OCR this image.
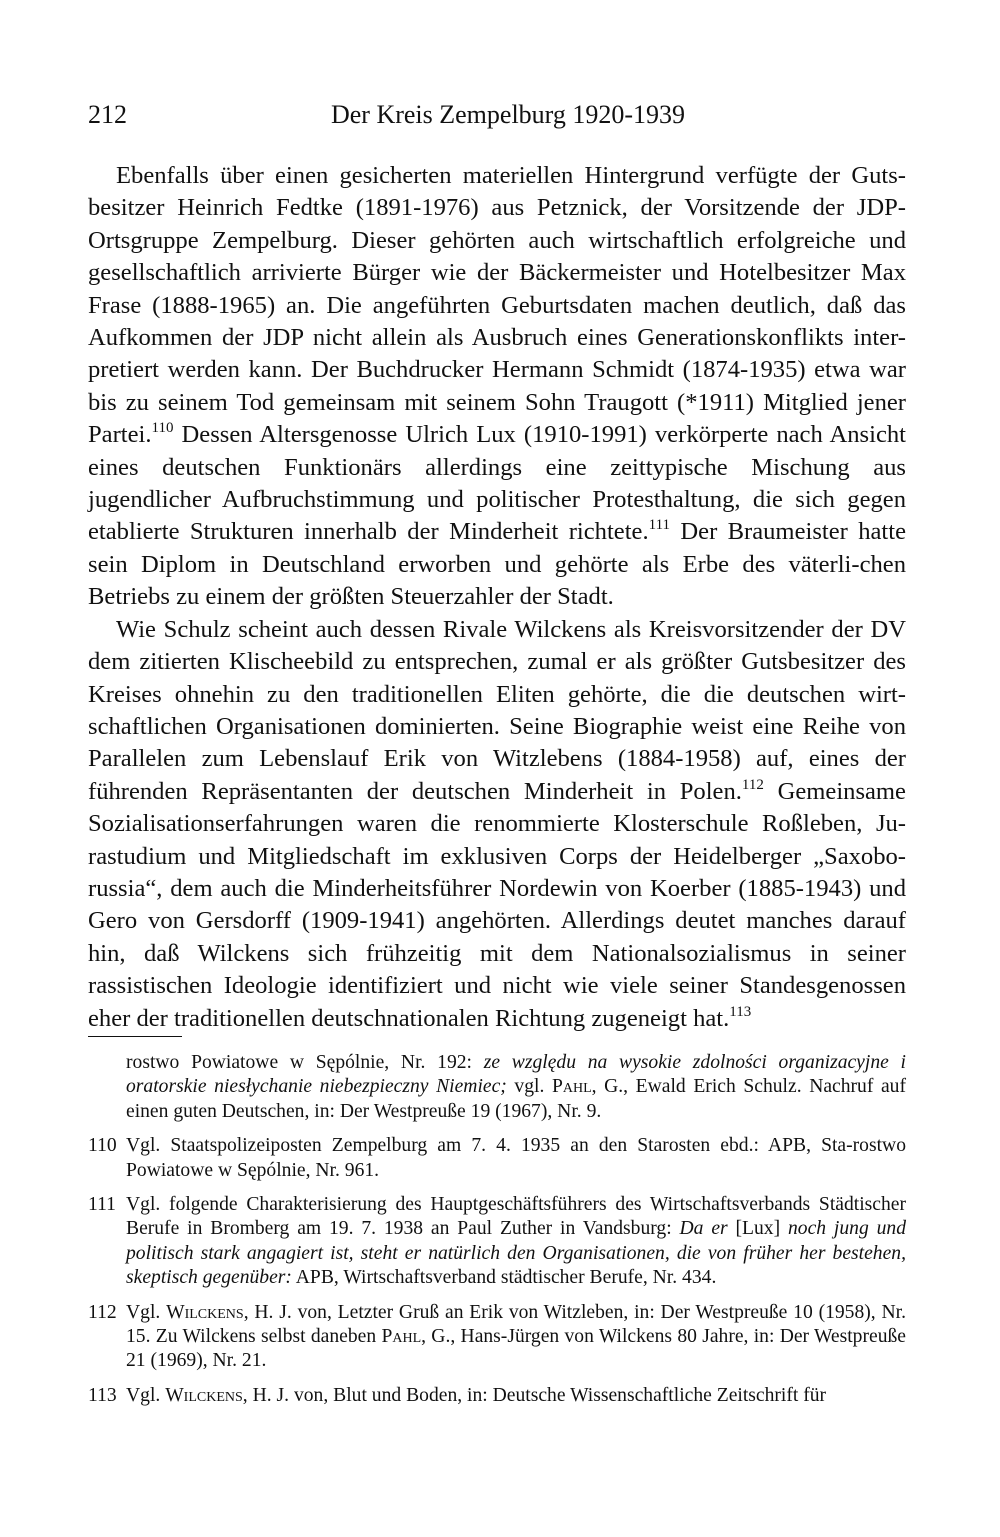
212	Der Kreis Zempelburg 1920-1939

Ebenfalls über einen gesicherten materiellen Hintergrund verfügte der Guts-besitzer Heinrich Fedtke (1891-1976) aus Petznick, der Vorsitzende der JDP-Ortsgruppe Zempelburg. Dieser gehörten auch wirtschaftlich erfolgreiche und gesellschaftlich arrivierte Bürger wie der Bäckermeister und Hotelbesitzer Max Frase (1888-1965) an. Die angeführten Geburtsdaten machen deutlich, daß das Aufkommen der JDP nicht allein als Ausbruch eines Generationskonflikts inter-pretiert werden kann. Der Buchdrucker Hermann Schmidt (1874-1935) etwa war bis zu seinem Tod gemeinsam mit seinem Sohn Traugott (*1911) Mitglied jener Partei.$^{110}$ Dessen Altersgenosse Ulrich Lux (1910-1991) verkörperte nach Ansicht eines deutschen Funktionärs allerdings eine zeittypische Mischung aus jugendlicher Aufbruchstimmung und politischer Protesthaltung, die sich gegen etablierte Strukturen innerhalb der Minderheit richtete.$^{111}$ Der Braumeister hatte sein Diplom in Deutschland erworben und gehörte als Erbe des väterli-chen Betriebs zu einem der größten Steuerzahler der Stadt.

Wie Schulz scheint auch dessen Rivale Wilckens als Kreisvorsitzender der DV dem zitierten Klischeebild zu entsprechen, zumal er als größter Gutsbesitzer des Kreises ohnehin zu den traditionellen Eliten gehörte, die die deutschen wirt-schaftlichen Organisationen dominierten. Seine Biographie weist eine Reihe von Parallelen zum Lebenslauf Erik von Witzlebens (1884-1958) auf, eines der führenden Repräsentanten der deutschen Minderheit in Polen.$^{112}$ Gemeinsame Sozialisationserfahrungen waren die renommierte Klosterschule Roßleben, Ju-rastudium und Mitgliedschaft im exklusiven Corps der Heidelberger „Saxobo-russia“, dem auch die Minderheitsführer Nordewin von Koerber (1885-1943) und Gero von Gersdorff (1909-1941) angehörten. Allerdings deutet manches darauf hin, daß Wilckens sich frühzeitig mit dem Nationalsozialismus in seiner rassistischen Ideologie identifiziert und nicht wie viele seiner Standesgenossen eher der traditionellen deutschnationalen Richtung zugeneigt hat.$^{113}$

rostwo Powiatowe w Sępólnie, Nr. 192: ze względu na wysokie zdolności organizacyjne i oratorskie niesłychanie niebezpieczny Niemiec; vgl. Pahl, G., Ewald Erich Schulz. Nachruf auf einen guten Deutschen, in: Der Westpreuße 19 (1967), Nr. 9.
110 Vgl. Staatspolizeiposten Zempelburg am 7. 4. 1935 an den Starosten ebd.: APB, Sta-rostwo Powiatowe w Sępólnie, Nr. 961.
111 Vgl. folgende Charakterisierung des Hauptgeschäftsführers des Wirtschaftsverbands Städtischer Berufe in Bromberg am 19. 7. 1938 an Paul Zuther in Vandsburg: Da er [Lux] noch jung und politisch stark angagiert ist, steht er natürlich den Organisationen, die von früher her bestehen, skeptisch gegenüber: APB, Wirtschaftsverband städtischer Berufe, Nr. 434.
112 Vgl. Wilckens, H. J. von, Letzter Gruß an Erik von Witzleben, in: Der Westpreuße 10 (1958), Nr. 15. Zu Wilckens selbst daneben Pahl, G., Hans-Jürgen von Wilckens 80 Jahre, in: Der Westpreuße 21 (1969), Nr. 21.
113 Vgl. Wilckens, H. J. von, Blut und Boden, in: Deutsche Wissenschaftliche Zeitschrift für
